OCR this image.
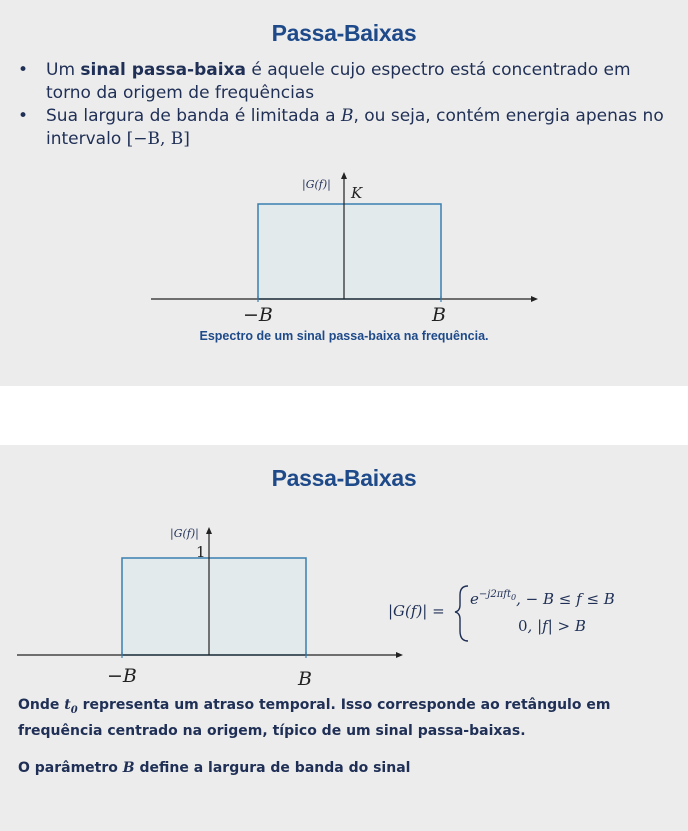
Passa-Baixas
• Um sinal passa-baixa é aquele cujo espectro está concentrado em torno da origem de frequências
• Sua largura de banda é limitada a B, ou seja, contém energia apenas no intervalo [−B, B]
|G(f)| K
−B	B
Espectro de um sinal passa-baixa na frequência.
Passa-Baixas
|G(f)|
1
−B	B
|G(f)| =
$e^{-j2\pi ft}_0$, − B ≤ f ≤ B
0, |f| > B
Onde $t_0$ representa um atraso temporal. Isso corresponde ao retângulo em frequência centrado na origem, típico de um sinal passa-baixas.
O parâmetro B define a largura de banda do sinal
